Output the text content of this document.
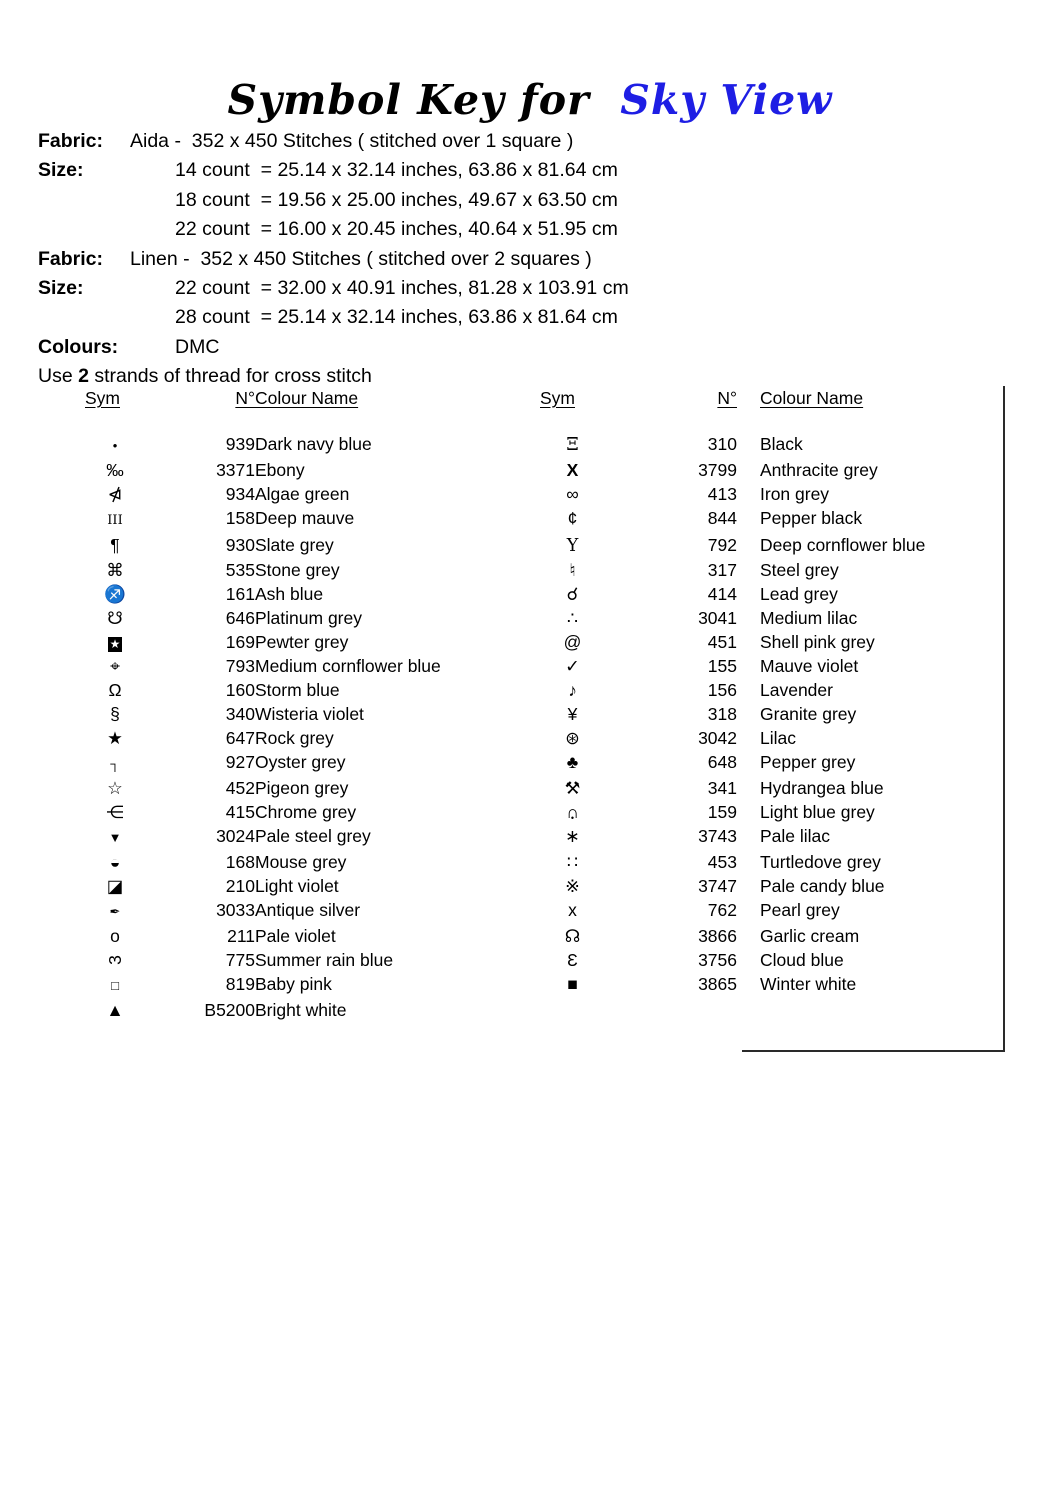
Symbol Key for  Sky View
Fabric:	Aida -  352 x 450 Stitches ( stitched over 1 square )
Size:	14 count  = 25.14 x 32.14 inches, 63.86 x 81.64 cm
18 count  = 19.56 x 25.00 inches, 49.67 x 63.50 cm
22 count  = 16.00 x 20.45 inches, 40.64 x 51.95 cm
Fabric:	Linen -  352 x 450 Stitches ( stitched over 2 squares )
Size:	22 count  = 32.00 x 40.91 inches, 81.28 x 103.91 cm
28 count  = 25.14 x 32.14 inches, 63.86 x 81.64 cm
Colours:	DMC
Use 2 strands of thread for cross stitch
Sym	N°	Colour Name	Sym	N°	Colour Name
•	939	Dark navy blue	Ξ	310	Black
‰	3371	Ebony	X	3799	Anthracite grey
⋪	934	Algae green	∞	413	Iron grey
III	158	Deep mauve	¢	844	Pepper black
¶	930	Slate grey	Y	792	Deep cornflower blue
⌘	535	Stone grey	♮	317	Steel grey
♐	161	Ash blue	☌	414	Lead grey
☋	646	Platinum grey	∴	3041	Medium lilac
★	169	Pewter grey	@	451	Shell pink grey
⌖	793	Medium cornflower blue	✓	155	Mauve violet
Ω	160	Storm blue	♪	156	Lavender
§	340	Wisteria violet	¥	318	Granite grey
★	647	Rock grey	⊛	3042	Lilac
┐	927	Oyster grey	♣	648	Pepper grey
☆	452	Pigeon grey	⚒	341	Hydrangea blue
⋲	415	Chrome grey	∩ •	159	Light blue grey
▼	3024	Pale steel grey	∗	3743	Pale lilac
◒	168	Mouse grey	∷	453	Turtledove grey
◪	210	Light violet	※	3747	Pale candy blue
✒	3033	Antique silver	x	762	Pearl grey
o	211	Pale violet	☊	3866	Garlic cream
3	775	Summer rain blue	Ɛ	3756	Cloud blue
□	819	Baby pink	■	3865	Winter white
▲	B5200	Bright white			
